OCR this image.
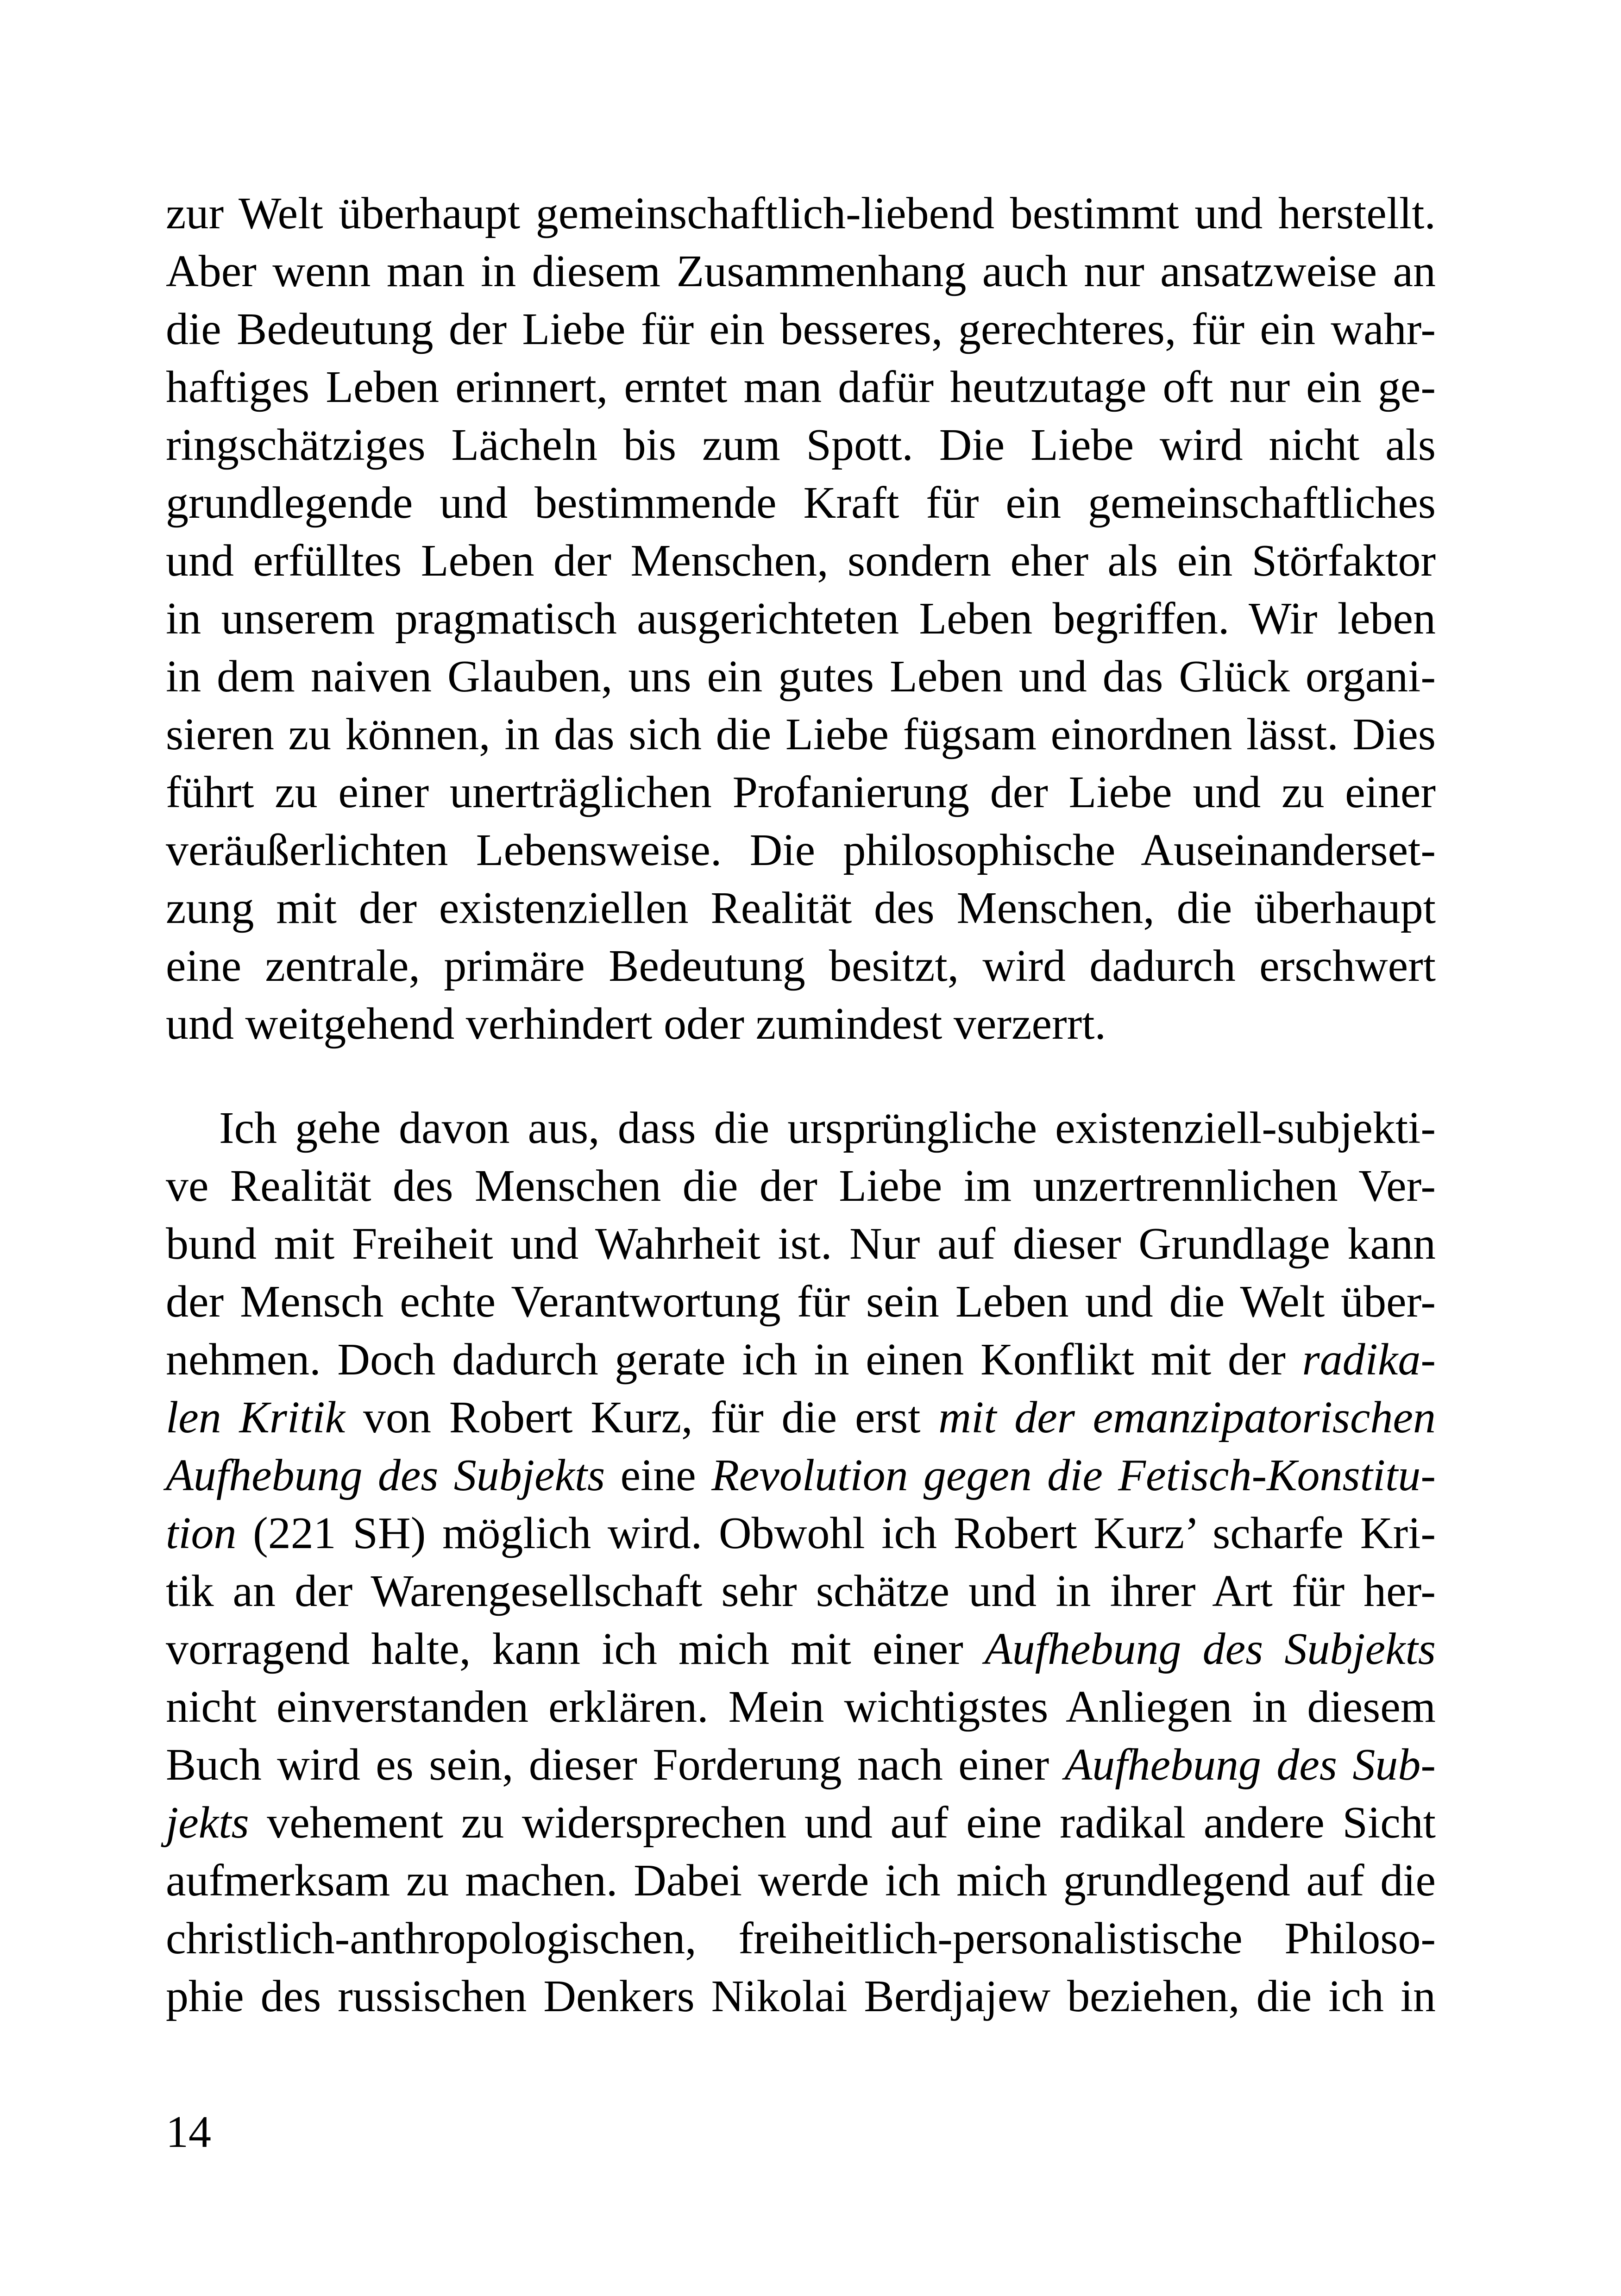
zur Welt überhaupt gemeinschaftlich-liebend bestimmt und herstellt.
Aber wenn man in diesem Zusammenhang auch nur ansatzweise an
die Bedeutung der Liebe für ein besseres, gerechteres, für ein wahr-
haftiges Leben erinnert, erntet man dafür heutzutage oft nur ein ge-
ringschätziges Lächeln bis zum Spott. Die Liebe wird nicht als
grundlegende und bestimmende Kraft für ein gemeinschaftliches
und erfülltes Leben der Menschen, sondern eher als ein Störfaktor
in unserem pragmatisch ausgerichteten Leben begriffen. Wir leben
in dem naiven Glauben, uns ein gutes Leben und das Glück organi-
sieren zu können, in das sich die Liebe fügsam einordnen lässt. Dies
führt zu einer unerträglichen Profanierung der Liebe und zu einer
veräußerlichten Lebensweise. Die philosophische Auseinanderset-
zung mit der existenziellen Realität des Menschen, die überhaupt
eine zentrale, primäre Bedeutung besitzt, wird dadurch erschwert
und weitgehend verhindert oder zumindest verzerrt.
Ich gehe davon aus, dass die ursprüngliche existenziell-subjekti-
ve Realität des Menschen die der Liebe im unzertrennlichen Ver-
bund mit Freiheit und Wahrheit ist. Nur auf dieser Grundlage kann
der Mensch echte Verantwortung für sein Leben und die Welt über-
nehmen. Doch dadurch gerate ich in einen Konflikt mit der radika-
len Kritik von Robert Kurz, für die erst mit der emanzipatorischen
Aufhebung des Subjekts eine Revolution gegen die Fetisch-Konstitu-
tion (221 SH) möglich wird. Obwohl ich Robert Kurz’ scharfe Kri-
tik an der Warengesellschaft sehr schätze und in ihrer Art für her-
vorragend halte, kann ich mich mit einer Aufhebung des Subjekts
nicht einverstanden erklären. Mein wichtigstes Anliegen in diesem
Buch wird es sein, dieser Forderung nach einer Aufhebung des Sub-
jekts vehement zu widersprechen und auf eine radikal andere Sicht
aufmerksam zu machen. Dabei werde ich mich grundlegend auf die
christlich-anthropologischen, freiheitlich-personalistische Philoso-
phie des russischen Denkers Nikolai Berdjajew beziehen, die ich in
14
